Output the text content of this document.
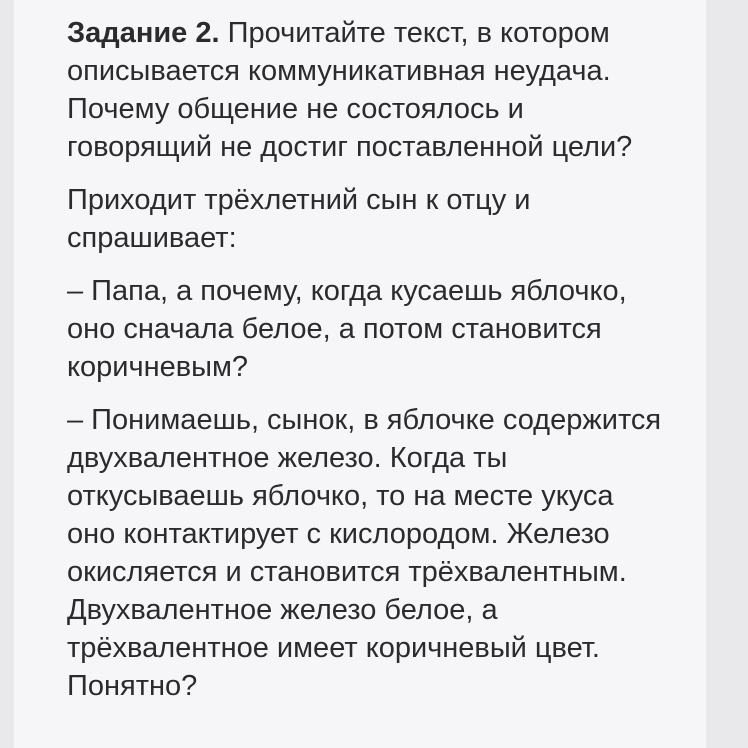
Задание 2. Прочитайте текст, в котором
описывается коммуникативная неудача.
Почему общение не состоялось и
говорящий не достиг поставленной цели?

Приходит трёхлетний сын к отцу и
спрашивает:

– Папа, а почему, когда кусаешь яблочко,
оно сначала белое, а потом становится
коричневым?

– Понимаешь, сынок, в яблочке содержится
двухвалентное железо. Когда ты
откусываешь яблочко, то на месте укуса
оно контактирует с кислородом. Железо
окисляется и становится трёхвалентным.
Двухвалентное железо белое, а
трёхвалентное имеет коричневый цвет.
Понятно?
